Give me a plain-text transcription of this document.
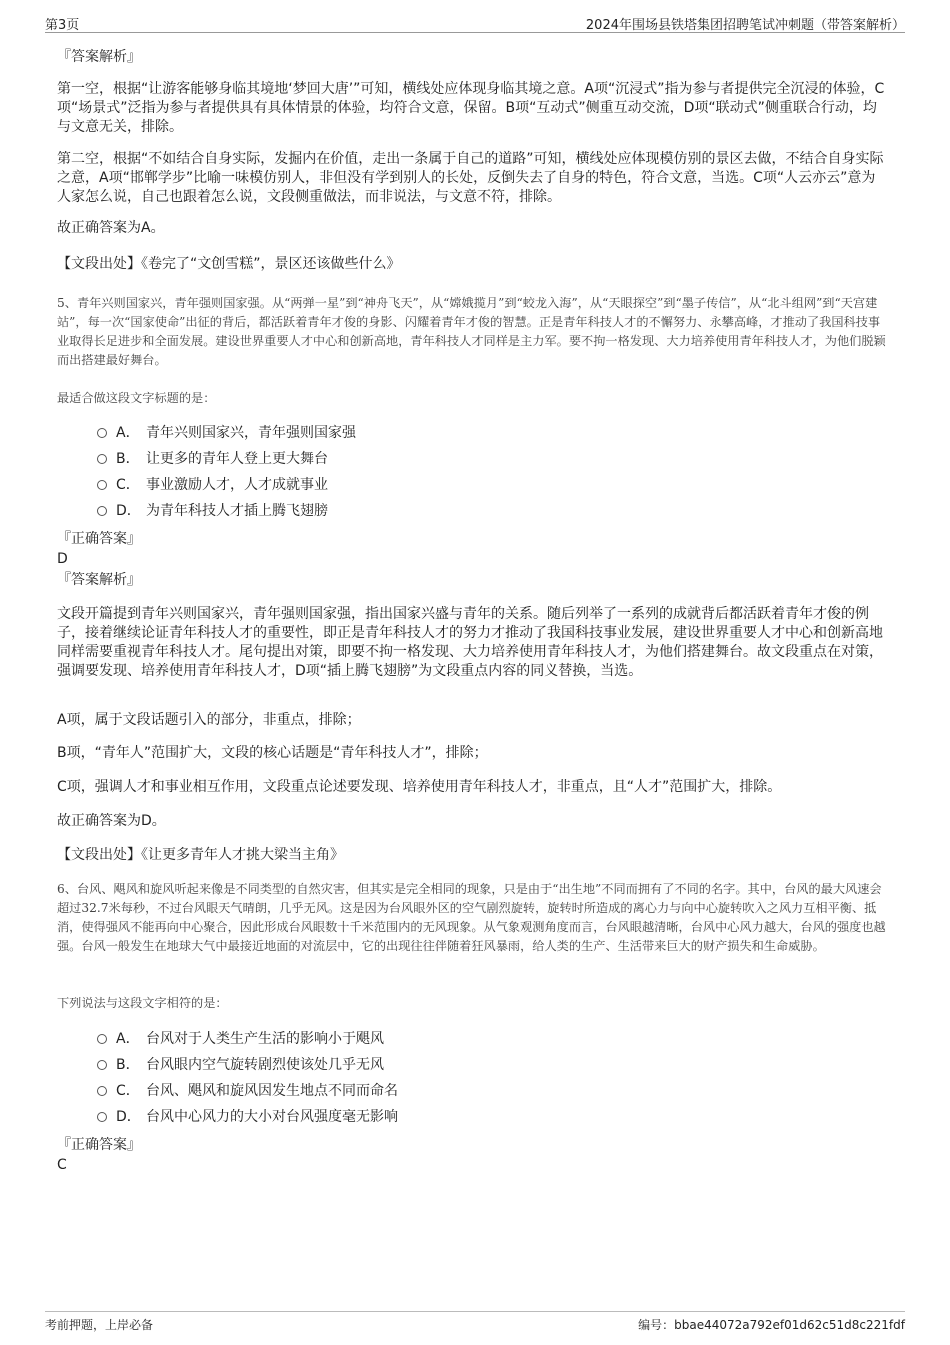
第3页	2024年围场县铁塔集团招聘笔试冲刺题（带答案解析）
『答案解析』

第一空，根据“让游客能够身临其境地‘梦回大唐’”可知，横线处应体现身临其境之意。A项“沉浸式”指为参与者提供完全沉浸的体验，C项“场景式”泛指为参与者提供具有具体情景的体验，均符合文意，保留。B项“互动式”侧重互动交流，D项“联动式”侧重联合行动，均与文意无关，排除。

第二空，根据“不如结合自身实际，发掘内在价值，走出一条属于自己的道路”可知，横线处应体现模仿别的景区去做，不结合自身实际之意，A项“邯郸学步”比喻一味模仿别人，非但没有学到别人的长处，反倒失去了自身的特色，符合文意，当选。C项“人云亦云”意为人家怎么说，自己也跟着怎么说，文段侧重做法，而非说法，与文意不符，排除。

故正确答案为A。

【文段出处】《卷完了“文创雪糕”，景区还该做些什么》

5、青年兴则国家兴，青年强则国家强。从“两弹一星”到“神舟飞天”，从“嫦娥揽月”到“蛟龙入海”，从“天眼探空”到“墨子传信”，从“北斗组网”到“天宫建站”，每一次“国家使命”出征的背后，都活跃着青年才俊的身影、闪耀着青年才俊的智慧。正是青年科技人才的不懈努力、永攀高峰，才推动了我国科技事业取得长足进步和全面发展。建设世界重要人才中心和创新高地，青年科技人才同样是主力军。要不拘一格发现、大力培养使用青年科技人才，为他们脱颖而出搭建最好舞台。

最适合做这段文字标题的是：

A． 青年兴则国家兴，青年强则国家强
B． 让更多的青年人登上更大舞台
C． 事业激励人才，人才成就事业
D． 为青年科技人才插上腾飞翅膀
『正确答案』
D
『答案解析』

文段开篇提到青年兴则国家兴，青年强则国家强，指出国家兴盛与青年的关系。随后列举了一系列的成就背后都活跃着青年才俊的例子，接着继续论证青年科技人才的重要性，即正是青年科技人才的努力才推动了我国科技事业发展，建设世界重要人才中心和创新高地同样需要重视青年科技人才。尾句提出对策，即要不拘一格发现、大力培养使用青年科技人才，为他们搭建舞台。故文段重点在对策，强调要发现、培养使用青年科技人才，D项“插上腾飞翅膀”为文段重点内容的同义替换，当选。

A项，属于文段话题引入的部分，非重点，排除；

B项，“青年人”范围扩大，文段的核心话题是“青年科技人才”，排除；

C项，强调人才和事业相互作用，文段重点论述要发现、培养使用青年科技人才，非重点，且“人才”范围扩大，排除。

故正确答案为D。

【文段出处】《让更多青年人才挑大梁当主角》

6、台风、飓风和旋风听起来像是不同类型的自然灾害，但其实是完全相同的现象，只是由于“出生地”不同而拥有了不同的名字。其中，台风的最大风速会超过32.7米每秒，不过台风眼天气晴朗，几乎无风。这是因为台风眼外区的空气剧烈旋转，旋转时所造成的离心力与向中心旋转吹入之风力互相平衡、抵消，使得强风不能再向中心聚合，因此形成台风眼数十千米范围内的无风现象。从气象观测角度而言，台风眼越清晰，台风中心风力越大，台风的强度也越强。台风一般发生在地球大气中最接近地面的对流层中，它的出现往往伴随着狂风暴雨，给人类的生产、生活带来巨大的财产损失和生命威胁。

下列说法与这段文字相符的是：

A． 台风对于人类生产生活的影响小于飓风
B． 台风眼内空气旋转剧烈使该处几乎无风
C． 台风、飓风和旋风因发生地点不同而命名
D． 台风中心风力的大小对台风强度毫无影响
『正确答案』
C
考前押题，上岸必备	编号：bbae44072a792ef01d62c51d8c221fdf
